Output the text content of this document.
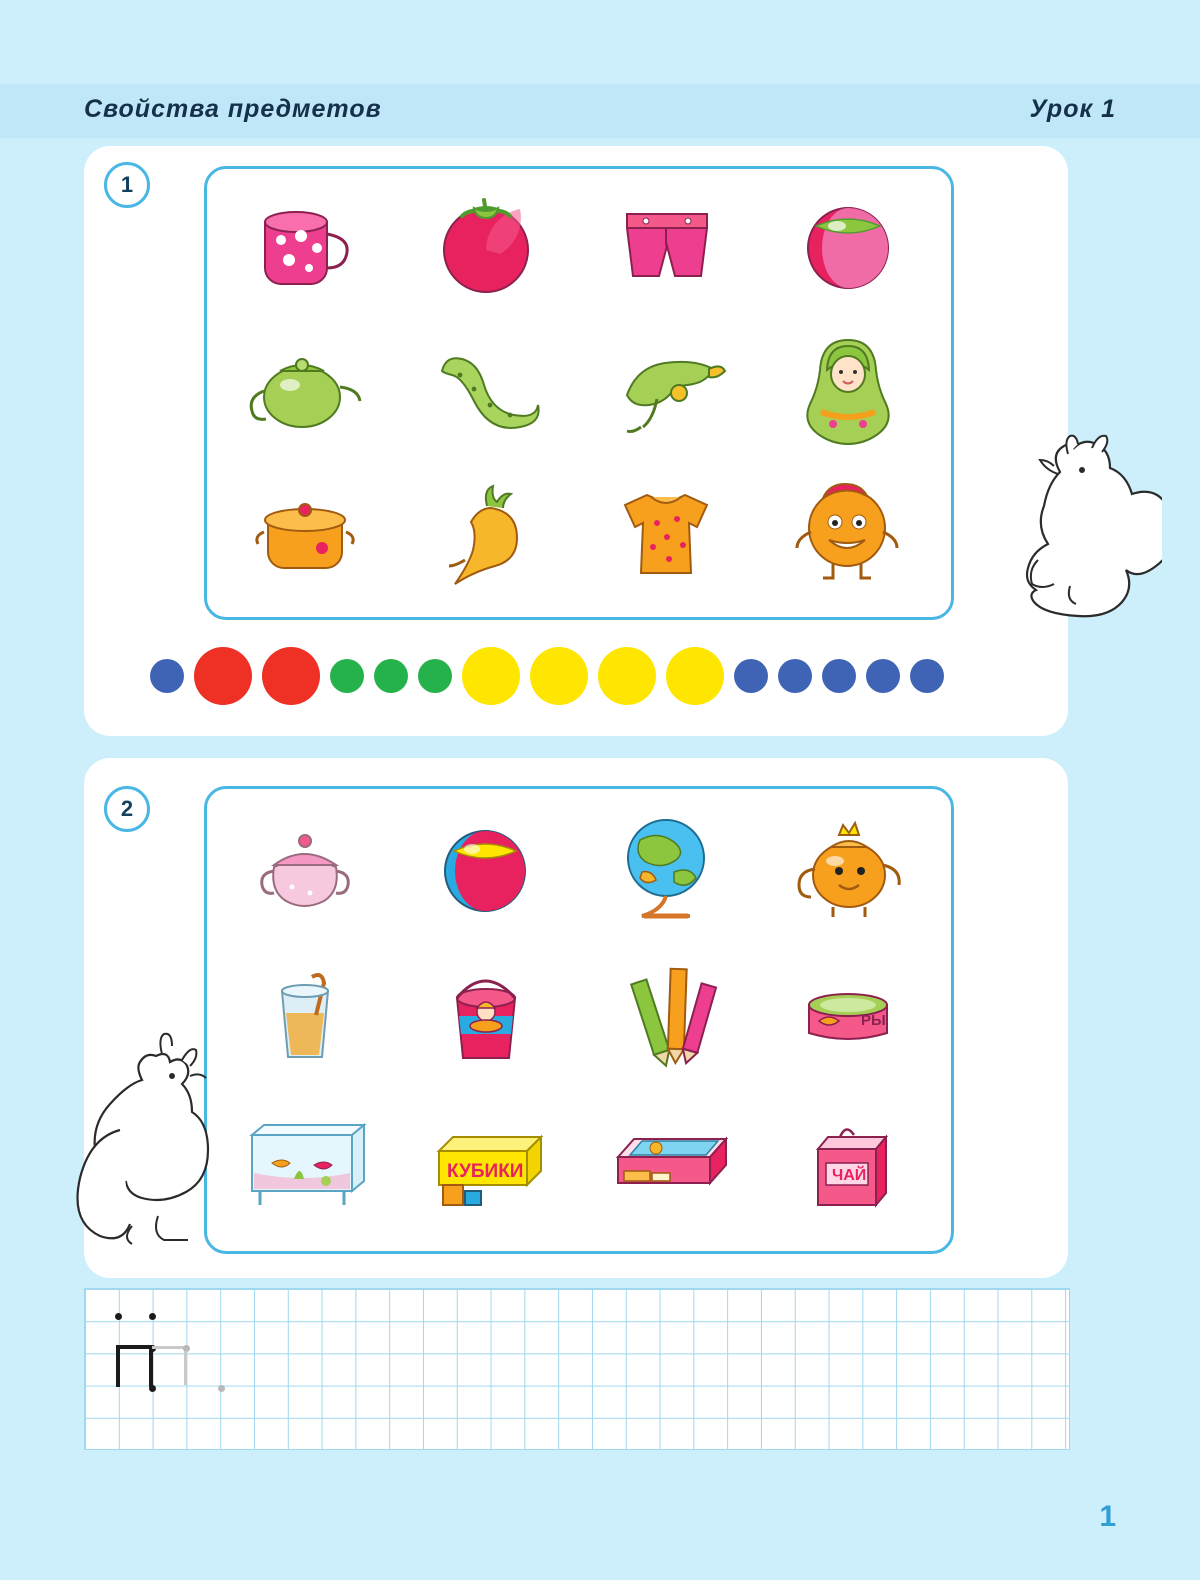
Свойства предметов	Урок 1
1
2
РЫ
КУБИКИ	ЧАЙ
1
